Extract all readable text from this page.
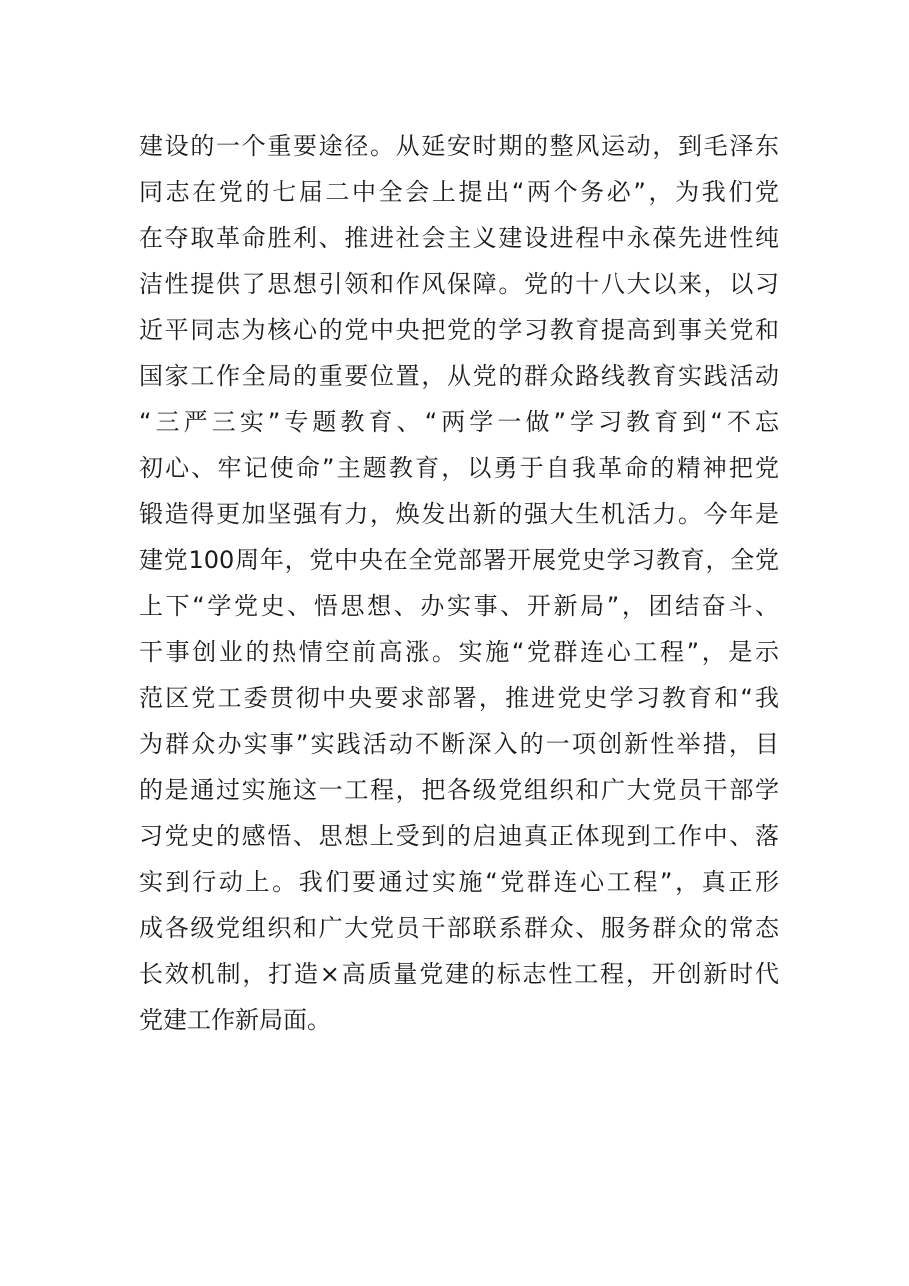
建设的一个重要途径。从延安时期的整风运动，到毛泽东
同志在党的七届二中全会上提出“两个务必”，为我们党
在夺取革命胜利、推进社会主义建设进程中永葆先进性纯
洁性提供了思想引领和作风保障。党的十八大以来，以习
近平同志为核心的党中央把党的学习教育提高到事关党和
国家工作全局的重要位置，从党的群众路线教育实践活动
“三严三实”专题教育、“两学一做”学习教育到“不忘
初心、牢记使命”主题教育，以勇于自我革命的精神把党
锻造得更加坚强有力，焕发出新的强大生机活力。今年是
建党100周年，党中央在全党部署开展党史学习教育，全党
上下“学党史、悟思想、办实事、开新局”，团结奋斗、
干事创业的热情空前高涨。实施“党群连心工程”，是示
范区党工委贯彻中央要求部署，推进党史学习教育和“我
为群众办实事”实践活动不断深入的一项创新性举措，目
的是通过实施这一工程，把各级党组织和广大党员干部学
习党史的感悟、思想上受到的启迪真正体现到工作中、落
实到行动上。我们要通过实施“党群连心工程”，真正形
成各级党组织和广大党员干部联系群众、服务群众的常态
长效机制，打造×高质量党建的标志性工程，开创新时代
党建工作新局面。
